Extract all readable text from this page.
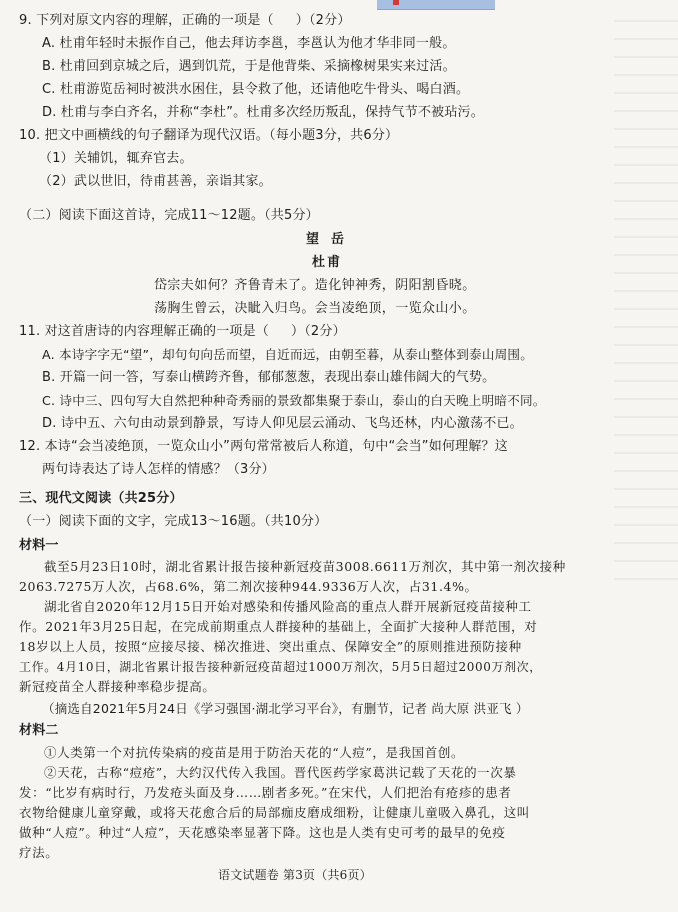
9. 下列对原文内容的理解，正确的一项是（ ）（2分）
A. 杜甫年轻时未振作自己，他去拜访李邕，李邕认为他才华非同一般。
B. 杜甫回到京城之后，遇到饥荒，于是他背柴、采摘橡树果实来过活。
C. 杜甫游览岳祠时被洪水困住，县令救了他，还请他吃牛骨头、喝白酒。
D. 杜甫与李白齐名，并称“李杜”。杜甫多次经历叛乱，保持气节不被玷污。
10. 把文中画横线的句子翻译为现代汉语。（每小题3分，共6分）
（1）关辅饥，辄弃官去。
（2）武以世旧，待甫甚善，亲诣其家。
（二）阅读下面这首诗，完成11～12题。（共5分）
望岳
杜甫
岱宗夫如何？齐鲁青未了。造化钟神秀，阴阳割昏晓。
荡胸生曾云，决眦入归鸟。会当凌绝顶，一览众山小。
11. 对这首唐诗的内容理解正确的一项是（ ）（2分）
A. 本诗字字无“望”，却句句向岳而望，自近而远，由朝至暮，从泰山整体到泰山周围。
B. 开篇一问一答，写泰山横跨齐鲁，郁郁葱葱，表现出泰山雄伟阔大的气势。
C. 诗中三、四句写大自然把种种奇秀丽的景致都集聚于泰山，泰山的白天晚上明暗不同。
D. 诗中五、六句由动景到静景，写诗人仰见层云涌动、飞鸟还林，内心激荡不已。
12. 本诗“会当凌绝顶，一览众山小”两句常常被后人称道，句中“会当”如何理解？这
两句诗表达了诗人怎样的情感？（3分）
三、现代文阅读（共25分）
（一）阅读下面的文字，完成13～16题。（共10分）
材料一
截至5月23日10时，湖北省累计报告接种新冠疫苗3008.6611万剂次，其中第一剂次接种
2063.7275万人次，占68.6%，第二剂次接种944.9336万人次，占31.4%。
湖北省自2020年12月15日开始对感染和传播风险高的重点人群开展新冠疫苗接种工
作。2021年3月25日起，在完成前期重点人群接种的基础上，全面扩大接种人群范围，对
18岁以上人员，按照“应接尽接、梯次推进、突出重点、保障安全”的原则推进预防接种
工作。4月10日，湖北省累计报告接种新冠疫苗超过1000万剂次，5月5日超过2000万剂次，
新冠疫苗全人群接种率稳步提高。
（摘选自2021年5月24日《学习强国·湖北学习平台》，有删节，记者 尚大原 洪亚飞 ）
材料二
①人类第一个对抗传染病的疫苗是用于防治天花的“人痘”，是我国首创。
②天花，古称“痘疮”，大约汉代传入我国。晋代医药学家葛洪记载了天花的一次暴
发：“比岁有病时行，乃发疮头面及身……剧者多死。”在宋代，人们把治有疮疹的患者
衣物给健康儿童穿戴，或将天花愈合后的局部痂皮磨成细粉，让健康儿童吸入鼻孔，这叫
做种“人痘”。种过“人痘”，天花感染率显著下降。这也是人类有史可考的最早的免疫
疗法。
语文试题卷 第3页（共6页）
